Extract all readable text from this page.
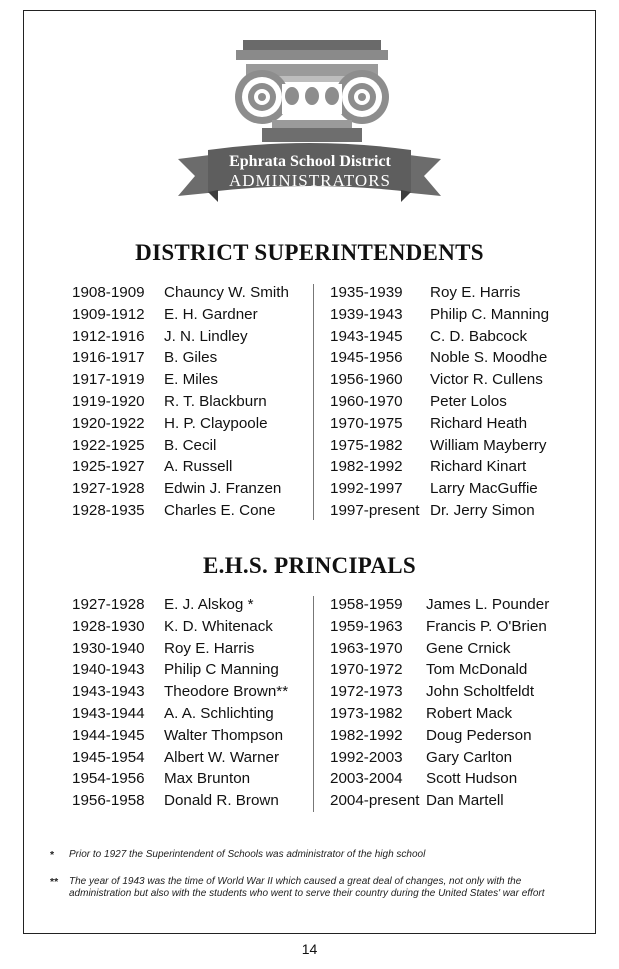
Ephrata School District
ADMINISTRATORS
DISTRICT SUPERINTENDENTS
1908-1909	Chauncy W. Smith
1909-1912	E. H. Gardner
1912-1916	J. N. Lindley
1916-1917	B. Giles
1917-1919	E. Miles
1919-1920	R. T. Blackburn
1920-1922	H. P. Claypoole
1922-1925	B. Cecil
1925-1927	A. Russell
1927-1928	Edwin J. Franzen
1928-1935	Charles E. Cone
1935-1939	Roy E. Harris
1939-1943	Philip C. Manning
1943-1945	C. D. Babcock
1945-1956	Noble S. Moodhe
1956-1960	Victor R. Cullens
1960-1970	Peter Lolos
1970-1975	Richard Heath
1975-1982	William Mayberry
1982-1992	Richard Kinart
1992-1997	Larry MacGuffie
1997-present Dr. Jerry Simon
E.H.S. PRINCIPALS
1927-1928	E. J. Alskog *
1928-1930	K. D. Whitenack
1930-1940	Roy E. Harris
1940-1943	Philip C Manning
1943-1943	Theodore Brown**
1943-1944	A. A. Schlichting
1944-1945	Walter Thompson
1945-1954	Albert W. Warner
1954-1956	Max Brunton
1956-1958	Donald R. Brown
1958-1959	James L. Pounder
1959-1963	Francis P. O'Brien
1963-1970	Gene Crnick
1970-1972	Tom McDonald
1972-1973	John Scholtfeldt
1973-1982	Robert Mack
1982-1992	Doug Pederson
1992-2003	Gary Carlton
2003-2004	Scott Hudson
2004-present Dan Martell
* Prior to 1927 the Superintendent of Schools was administrator of the high school
** The year of 1943 was the time of World War II which caused a great deal of changes, not only with the administration but also with the students who went to serve their country during the United States' war effort
14
